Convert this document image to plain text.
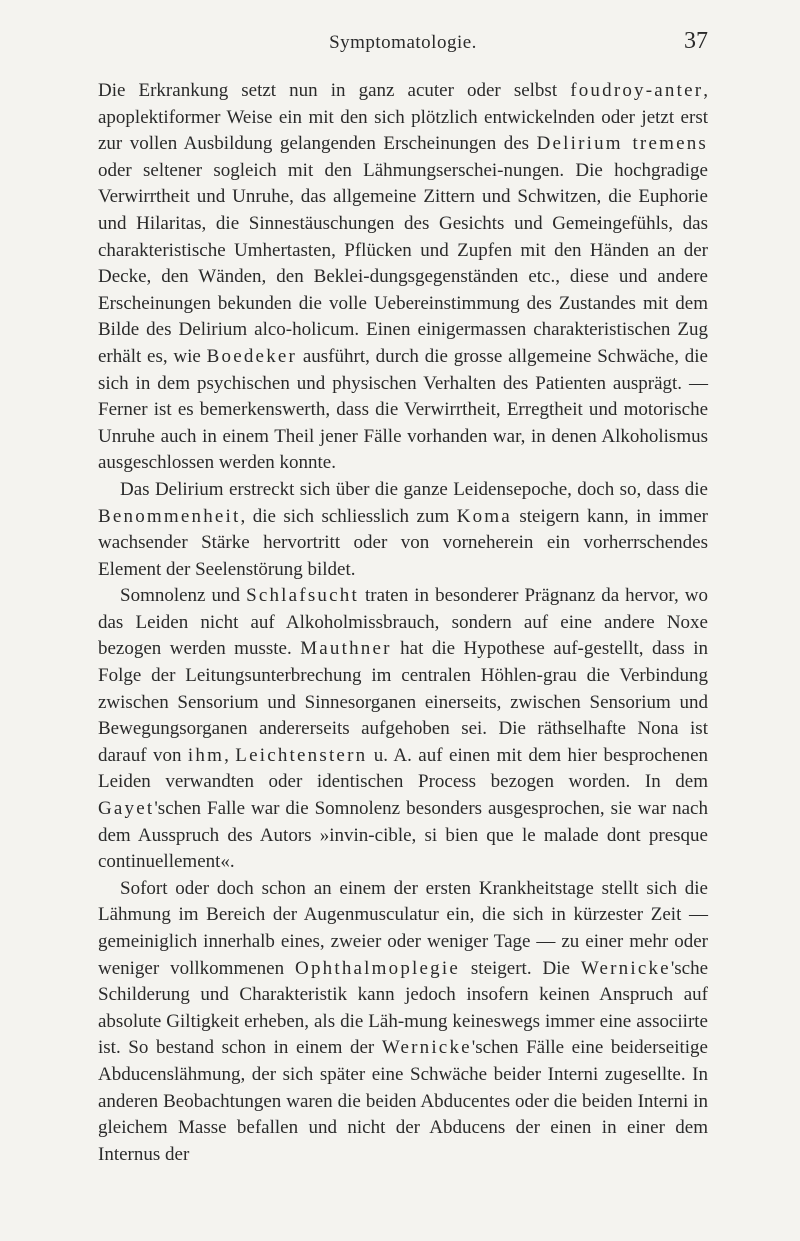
Symptomatologie.	37

Die Erkrankung setzt nun in ganz acuter oder selbst foudroy-anter, apoplektiformer Weise ein mit den sich plötzlich entwickelnden oder jetzt erst zur vollen Ausbildung gelangenden Erscheinungen des Delirium tremens oder seltener sogleich mit den Lähmungserschei-nungen. Die hochgradige Verwirrtheit und Unruhe, das allgemeine Zittern und Schwitzen, die Euphorie und Hilaritas, die Sinnestäuschungen des Gesichts und Gemeingefühls, das charakteristische Umhertasten, Pflücken und Zupfen mit den Händen an der Decke, den Wänden, den Beklei-dungsgegenständen etc., diese und andere Erscheinungen bekunden die volle Uebereinstimmung des Zustandes mit dem Bilde des Delirium alco-holicum. Einen einigermassen charakteristischen Zug erhält es, wie Boedeker ausführt, durch die grosse allgemeine Schwäche, die sich in dem psychischen und physischen Verhalten des Patienten ausprägt. — Ferner ist es bemerkenswerth, dass die Verwirrtheit, Erregtheit und motorische Unruhe auch in einem Theil jener Fälle vorhanden war, in denen Alkoholismus ausgeschlossen werden konnte.

Das Delirium erstreckt sich über die ganze Leidensepoche, doch so, dass die Benommenheit, die sich schliesslich zum Koma steigern kann, in immer wachsender Stärke hervortritt oder von vorneherein ein vorherrschendes Element der Seelenstörung bildet.

Somnolenz und Schlafsucht traten in besonderer Prägnanz da hervor, wo das Leiden nicht auf Alkoholmissbrauch, sondern auf eine andere Noxe bezogen werden musste. Mauthner hat die Hypothese auf-gestellt, dass in Folge der Leitungsunterbrechung im centralen Höhlen-grau die Verbindung zwischen Sensorium und Sinnesorganen einerseits, zwischen Sensorium und Bewegungsorganen andererseits aufgehoben sei. Die räthselhafte Nona ist darauf von ihm, Leichtenstern u. A. auf einen mit dem hier besprochenen Leiden verwandten oder identischen Process bezogen worden. In dem Gayet'schen Falle war die Somnolenz besonders ausgesprochen, sie war nach dem Ausspruch des Autors »invin-cible, si bien que le malade dont presque continuellement«.

Sofort oder doch schon an einem der ersten Krankheitstage stellt sich die Lähmung im Bereich der Augenmusculatur ein, die sich in kürzester Zeit — gemeiniglich innerhalb eines, zweier oder weniger Tage — zu einer mehr oder weniger vollkommenen Ophthalmoplegie steigert. Die Wernicke'sche Schilderung und Charakteristik kann jedoch insofern keinen Anspruch auf absolute Giltigkeit erheben, als die Läh-mung keineswegs immer eine associirte ist. So bestand schon in einem der Wernicke'schen Fälle eine beiderseitige Abducenslähmung, der sich später eine Schwäche beider Interni zugesellte. In anderen Beobachtungen waren die beiden Abducentes oder die beiden Interni in gleichem Masse befallen und nicht der Abducens der einen in einer dem Internus der
